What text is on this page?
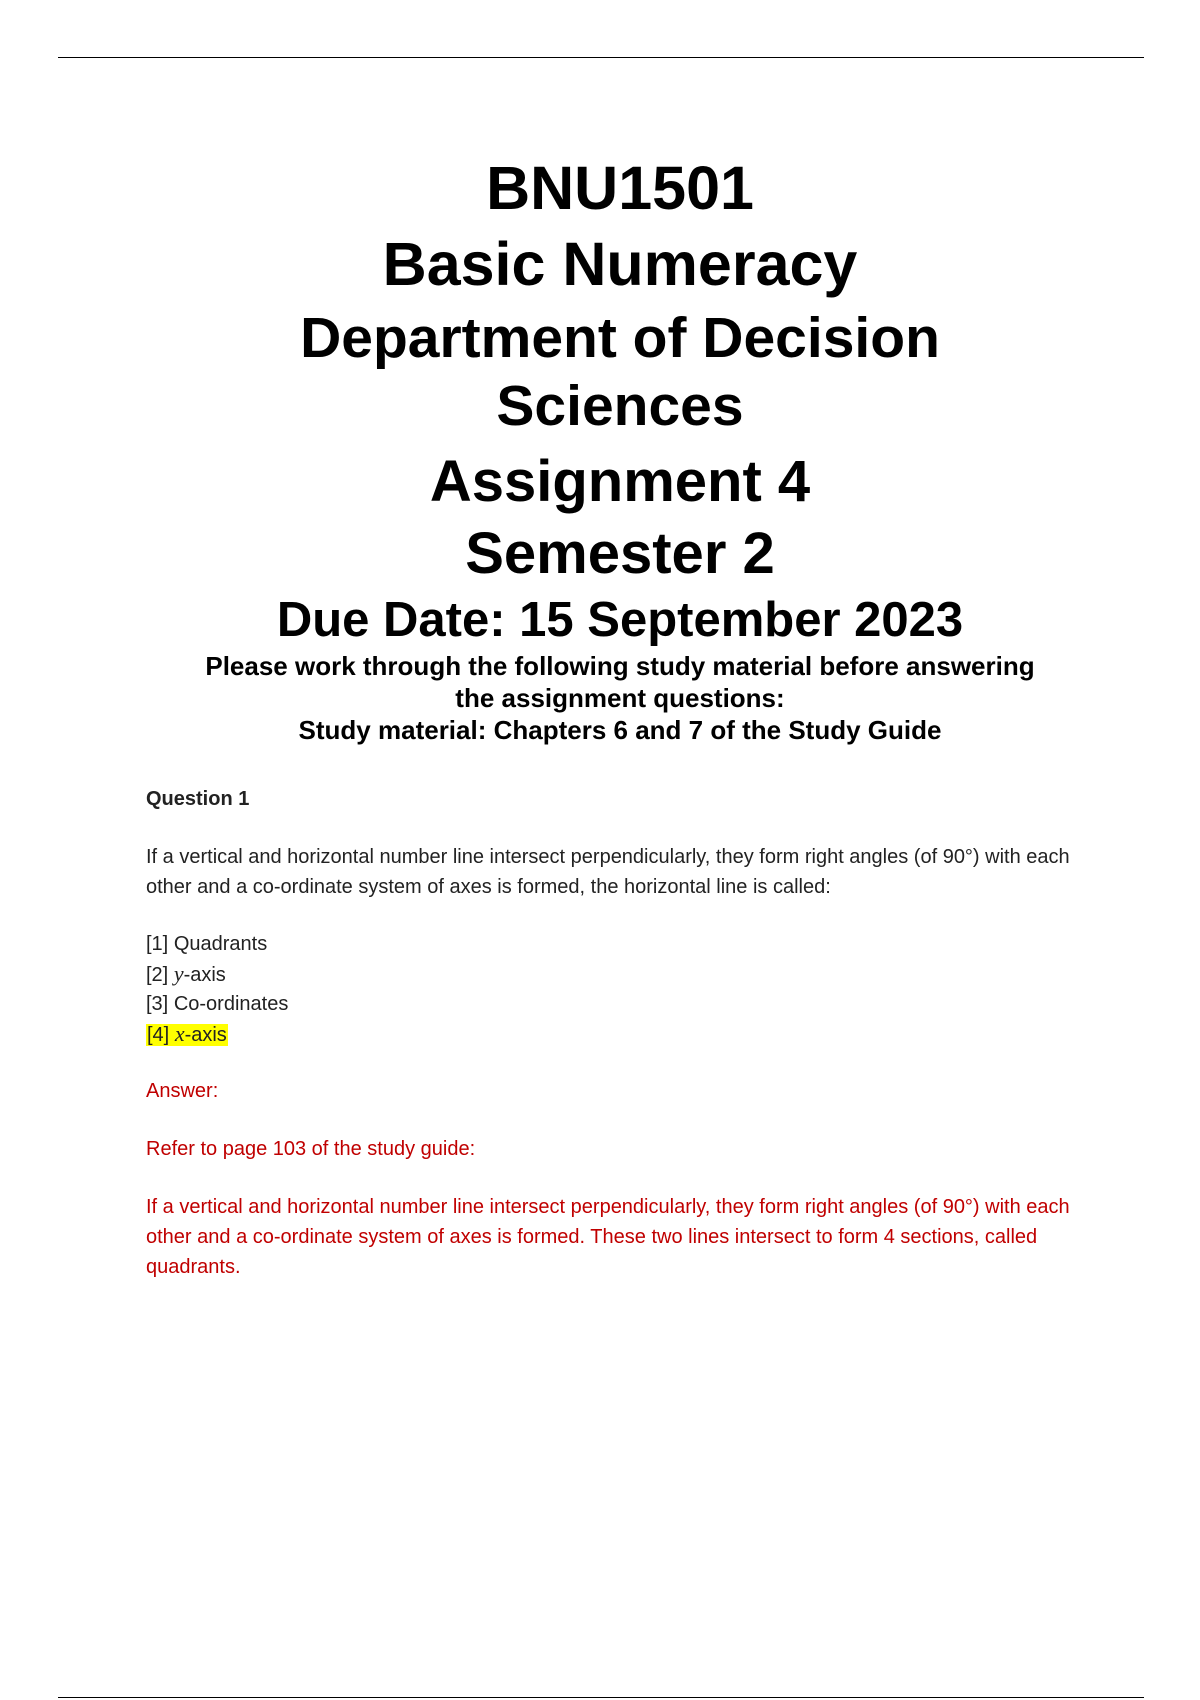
BNU1501

Basic Numeracy

Department of Decision Sciences

Assignment 4

Semester 2

Due Date: 15 September 2023

Please work through the following study material before answering

the assignment questions:

Study material: Chapters 6 and 7 of the Study Guide

Question 1

If a vertical and horizontal number line intersect perpendicularly, they form right angles (of 90°) with each other and a co-ordinate system of axes is formed, the horizontal line is called:

[1] Quadrants
[2] y-axis
[3] Co-ordinates
[4] x-axis

Answer:

Refer to page 103 of the study guide:

If a vertical and horizontal number line intersect perpendicularly, they form right angles (of 90°) with each other and a co-ordinate system of axes is formed. These two lines intersect to form 4 sections, called quadrants.
